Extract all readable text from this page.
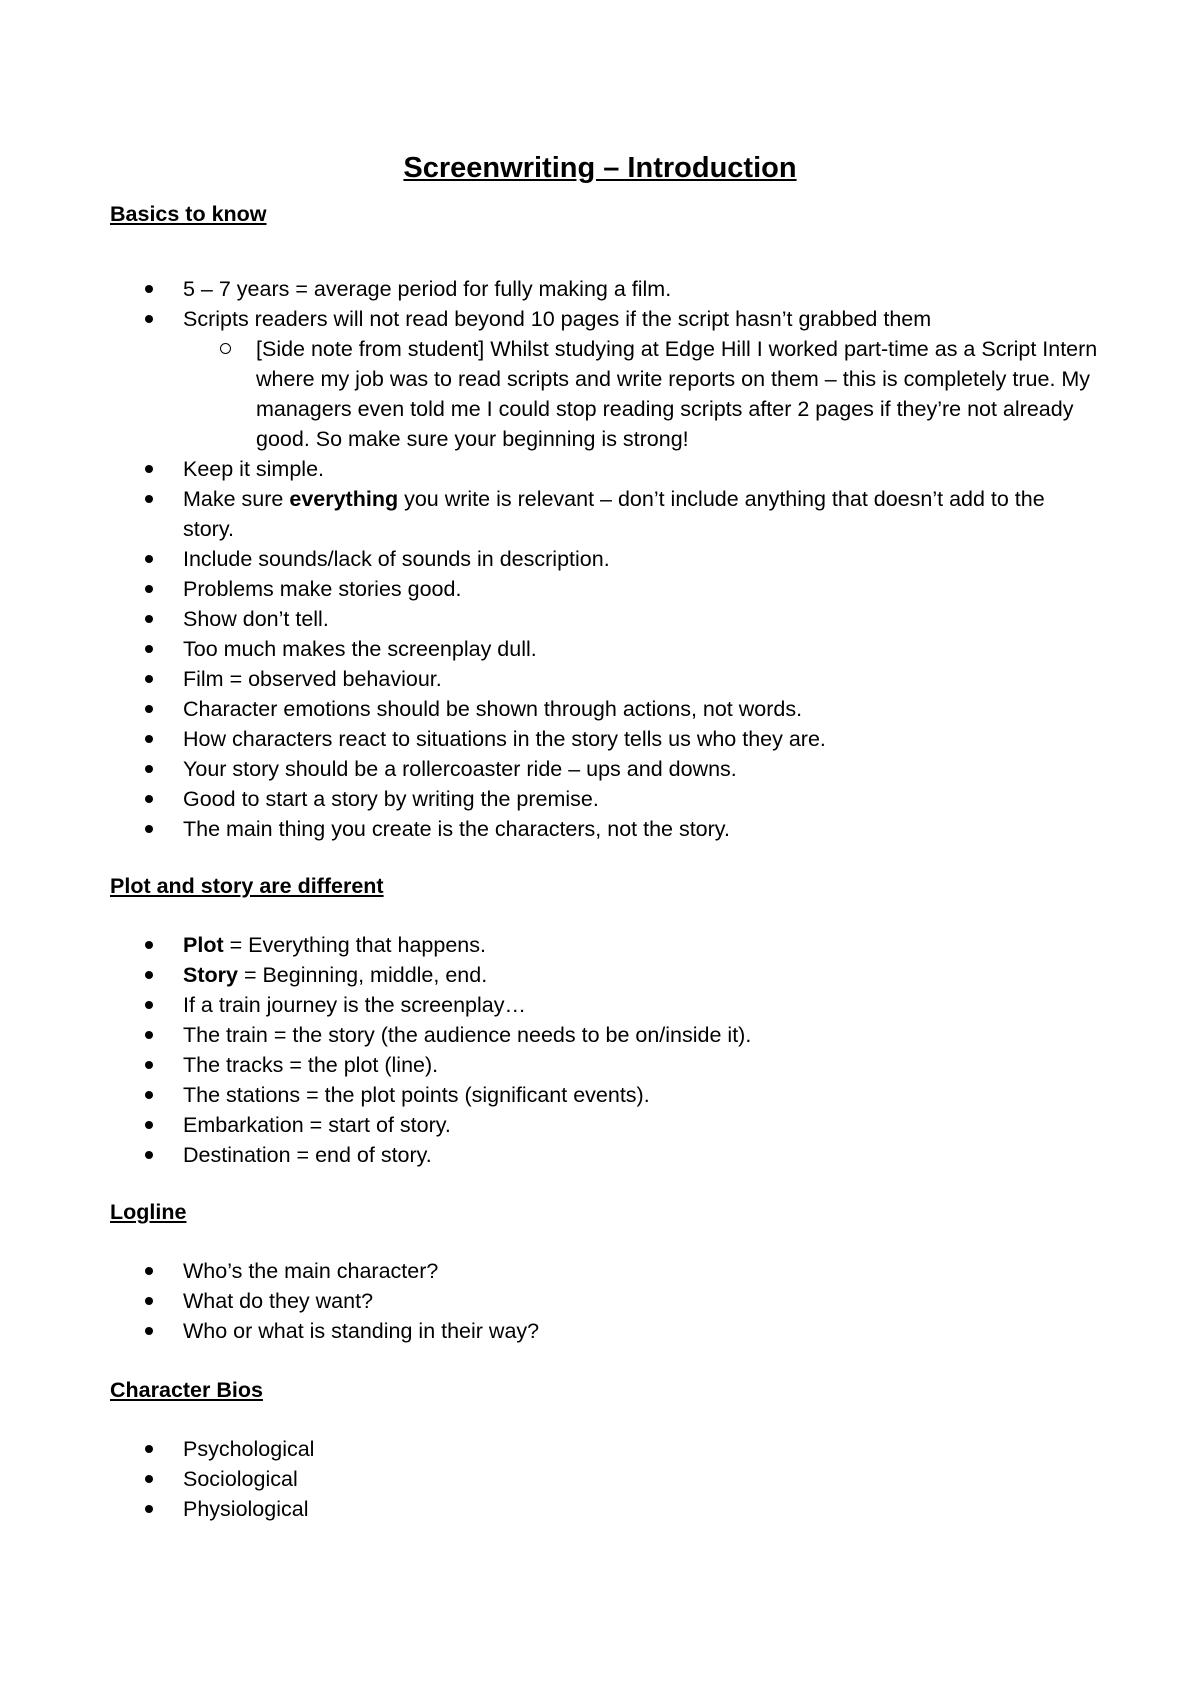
Screenwriting – Introduction
Basics to know
5 – 7 years = average period for fully making a film.
Scripts readers will not read beyond 10 pages if the script hasn’t grabbed them
[Side note from student] Whilst studying at Edge Hill I worked part-time as a Script Intern where my job was to read scripts and write reports on them – this is completely true. My managers even told me I could stop reading scripts after 2 pages if they’re not already good. So make sure your beginning is strong!
Keep it simple.
Make sure everything you write is relevant – don’t include anything that doesn’t add to the story.
Include sounds/lack of sounds in description.
Problems make stories good.
Show don’t tell.
Too much makes the screenplay dull.
Film = observed behaviour.
Character emotions should be shown through actions, not words.
How characters react to situations in the story tells us who they are.
Your story should be a rollercoaster ride – ups and downs.
Good to start a story by writing the premise.
The main thing you create is the characters, not the story.
Plot and story are different
Plot = Everything that happens.
Story = Beginning, middle, end.
If a train journey is the screenplay…
The train = the story (the audience needs to be on/inside it).
The tracks = the plot (line).
The stations = the plot points (significant events).
Embarkation = start of story.
Destination = end of story.
Logline
Who’s the main character?
What do they want?
Who or what is standing in their way?
Character Bios
Psychological
Sociological
Physiological
